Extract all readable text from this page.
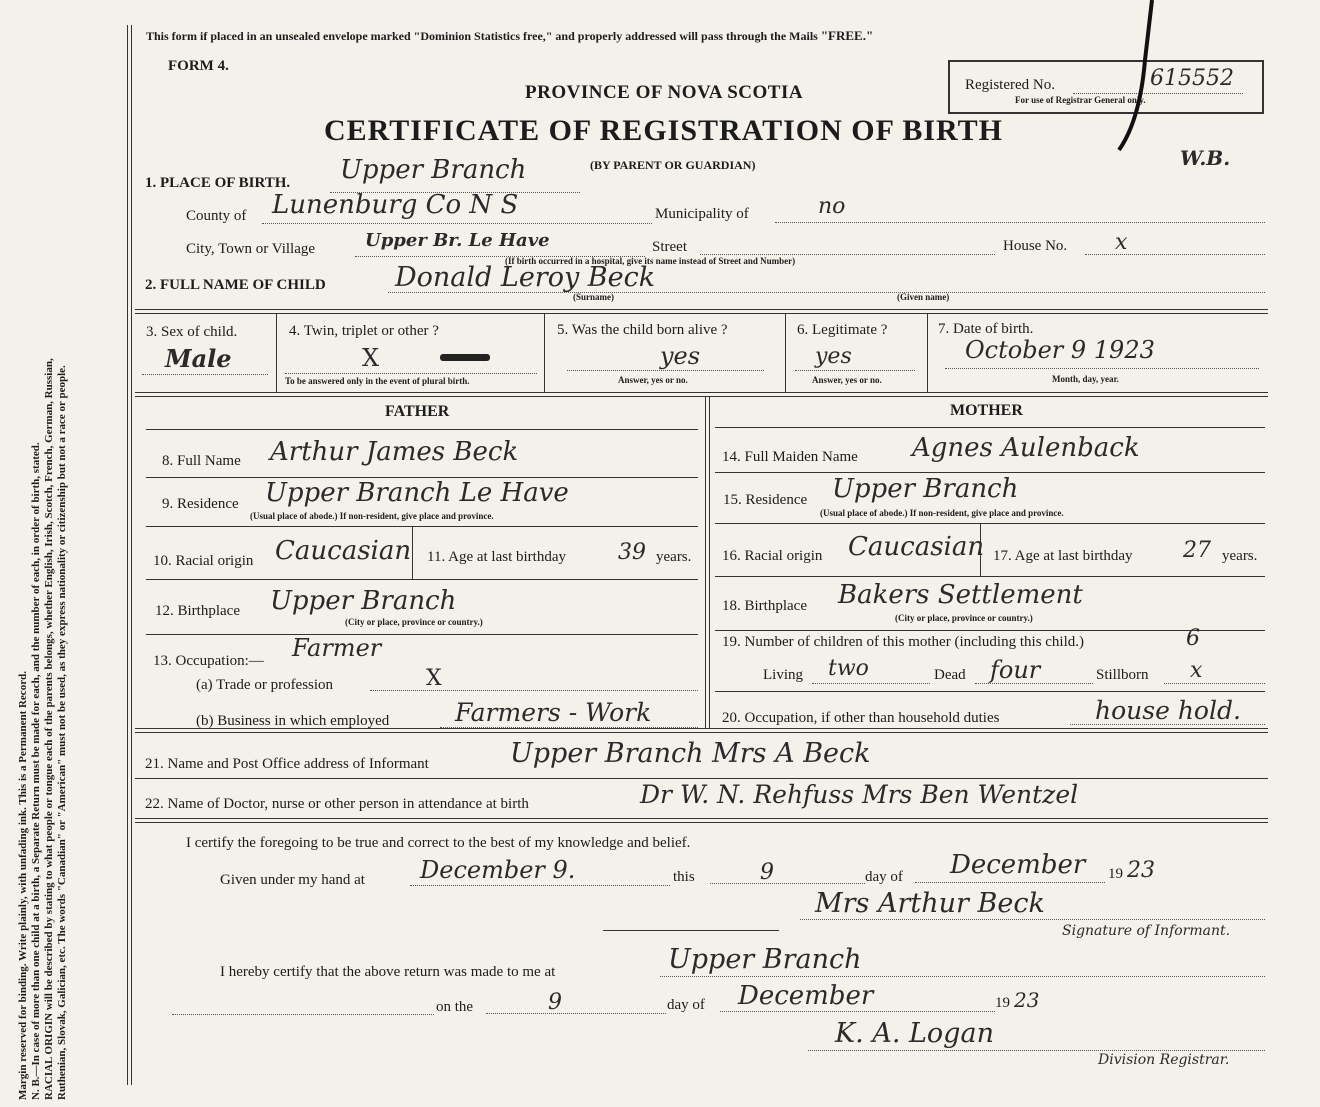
Margin reserved for binding. Write plainly, with unfading ink. This is a Permanent Record. N. B.—In case of more than one child at a birth, a Separate Return must be made for each, and the number of each, in order of birth, stated. RACIAL ORIGIN will be described by stating to what people or tongue each of the parents belongs, whether English, Irish, Scotch, French, German, Russian, Ruthenian, Slovak, Galician, etc. The words "Canadian" or "American" must not be used, as they express nationality or citizenship but not a race or people.
This form if placed in an unsealed envelope marked "Dominion Statistics free," and properly addressed will pass through the Mails "FREE."
FORM 4.
PROVINCE OF NOVA SCOTIA
CERTIFICATE OF REGISTRATION OF BIRTH
(BY PARENT OR GUARDIAN)
Registered No.	615552
For use of Registrar General only.
W.B.
1. PLACE OF BIRTH. Upper Branch
County of Lunenburg Co N S	Municipality of	no
City, Town or Village	Upper Br. Le Have	Street	House No. x
(If birth occurred in a hospital, give its name instead of Street and Number)
2. FULL NAME OF CHILD	Donald Leroy Beck
(Surname)	(Given name)
3. Sex of child.
Male
4. Twin, triplet or other ?
X
To be answered only in the event of plural birth.
5. Was the child born alive ?
yes
Answer, yes or no.
6. Legitimate ?
yes
Answer, yes or no.
7. Date of birth.
October 9 1923
Month, day, year.
FATHER	MOTHER
8. Full Name Arthur James Beck
9. Residence Upper Branch Le Have
(Usual place of abode.) If non-resident, give place and province.
10. Racial origin Caucasian 11. Age at last birthday 39 years.
12. Birthplace Upper Branch
(City or place, province or country.)
13. Occupation:— Farmer
(a) Trade or profession	X
(b) Business in which employed	Farmers - Work
14. Full Maiden Name Agnes Aulenback
15. Residence Upper Branch
(Usual place of abode.) If non-resident, give place and province.
16. Racial origin Caucasian 17. Age at last birthday 27 years.
18. Birthplace Bakers Settlement
(City or place, province or country.)
19. Number of children of this mother (including this child.)	6
Living two	Dead four	Stillborn x
20. Occupation, if other than household duties	house hold.
21. Name and Post Office address of Informant	Upper Branch Mrs A Beck
22. Name of Doctor, nurse or other person in attendance at birth	Dr W. N. Rehfuss Mrs Ben Wentzel
I certify the foregoing to be true and correct to the best of my knowledge and belief.
Given under my hand at December 9.	this	9	day of December 19 23
Mrs Arthur Beck
Signature of Informant.
I hereby certify that the above return was made to me at	Upper Branch
on the	9	day of December	19 23
K. A. Logan
Division Registrar.
